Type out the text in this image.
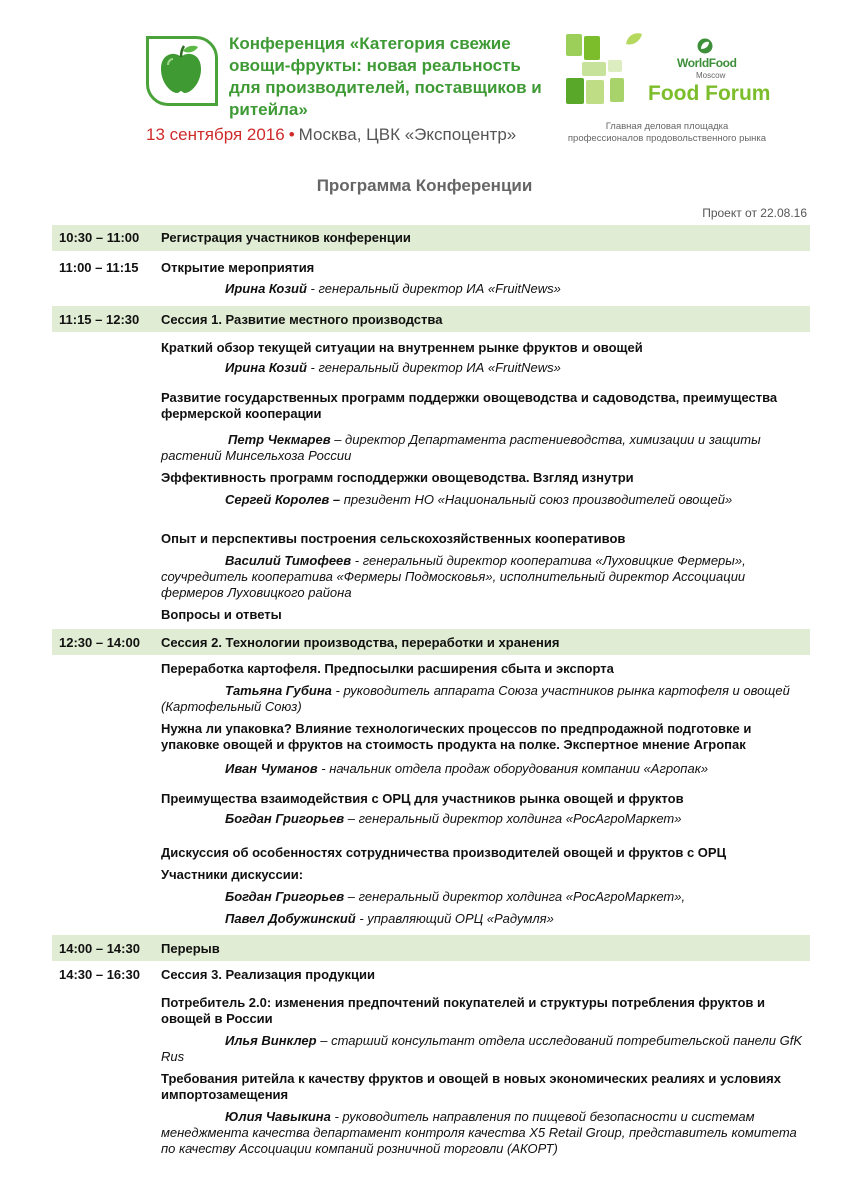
Конференция «Категория свежие овощи-фрукты: новая реальность для производителей, поставщиков и ритейла»
13 сентября 2016 • Москва, ЦВК «Экспоцентр»
WorldFood
Moscow
Food Forum
Главная деловая площадка профессионалов продовольственного рынка
Программа Конференции
Проект от 22.08.16
10:30 – 11:00 Регистрация участников конференции
11:00 – 11:15 Открытие мероприятия
Ирина Козий - генеральный директор ИА «FruitNews»
11:15 – 12:30 Сессия 1. Развитие местного производства
Краткий обзор текущей ситуации на внутреннем рынке фруктов и овощей
Ирина Козий - генеральный директор ИА «FruitNews»
Развитие государственных программ поддержки овощеводства и садоводства, преимущества фермерской кооперации
Петр Чекмарев – директор Департамента растениеводства, химизации и защиты растений Минсельхоза России
Эффективность программ господдержки овощеводства. Взгляд изнутри
Сергей Королев – президент НО «Национальный союз производителей овощей»
Опыт и перспективы построения сельскохозяйственных кооперативов
Василий Тимофеев - генеральный директор кооператива «Луховицкие Фермеры», соучредитель кооператива «Фермеры Подмосковья», исполнительный директор Ассоциации фермеров Луховицкого района
Вопросы и ответы
12:30 – 14:00 Сессия 2. Технологии производства, переработки и хранения
Переработка картофеля. Предпосылки расширения сбыта и экспорта
Татьяна Губина - руководитель аппарата Союза участников рынка картофеля и овощей (Картофельный Союз)
Нужна ли упаковка? Влияние технологических процессов по предпродажной подготовке и упаковке овощей и фруктов на стоимость продукта на полке. Экспертное мнение Агропак
Иван Чуманов - начальник отдела продаж оборудования компании «Агропак»
Преимущества взаимодействия с ОРЦ для участников рынка овощей и фруктов
Богдан Григорьев – генеральный директор холдинга «РосАгроМаркет»
Дискуссия об особенностях сотрудничества производителей овощей и фруктов с ОРЦ
Участники дискуссии:
Богдан Григорьев – генеральный директор холдинга «РосАгроМаркет»,
Павел Добужинский - управляющий ОРЦ «Радумля»
14:00 – 14:30 Перерыв
14:30 – 16:30 Сессия 3. Реализация продукции
Потребитель 2.0: изменения предпочтений покупателей и структуры потребления фруктов и овощей в России
Илья Винклер – старший консультант отдела исследований потребительской панели GfK Rus
Требования ритейла к качеству фруктов и овощей в новых экономических реалиях и условиях импортозамещения
Юлия Чавыкина - руководитель направления по пищевой безопасности и системам менеджмента качества департамент контроля качества X5 Retail Group, представитель комитета по качеству Ассоциации компаний розничной торговли (АКОРТ)
